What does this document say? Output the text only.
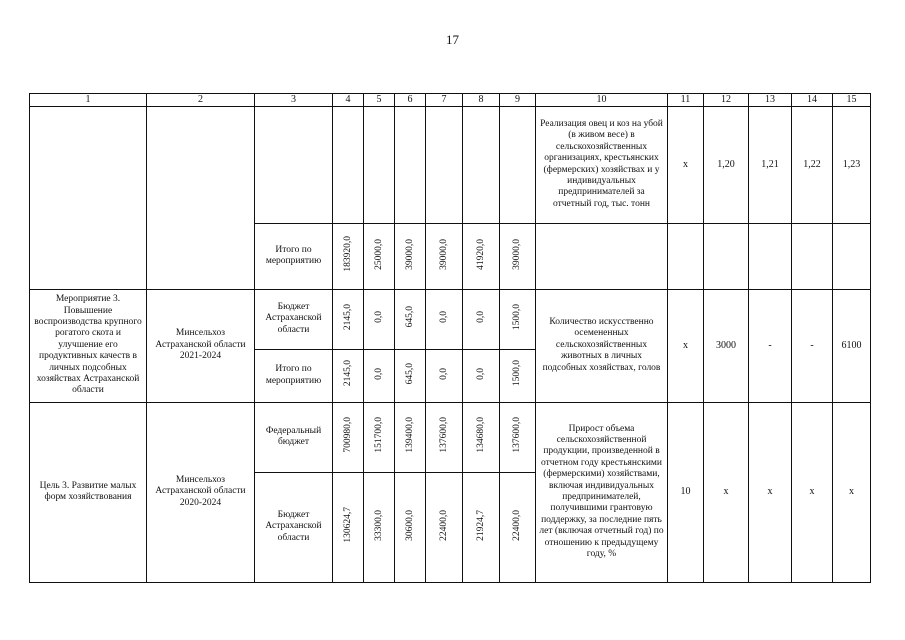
17
1	2	3	4	5	6	7	8	9	10	11	12	13	14	15
									Реализация овец и коз на убой (в живом весе) в сельскохозяйственных организациях, крестьянских (фермерских) хозяйствах и у индивидуальных предпринимателей за отчетный год, тыс. тонн	x	1,20	1,21	1,22	1,23
		Итого по мероприятию	183920,0	25000,0	39000,0	39000,0	41920,0	39000,0						
Мероприятие 3. Повышение воспроизводства крупного рогатого скота и улучшение его продуктивных качеств в личных подсобных хозяйствах Астраханской области	Минсельхоз Астраханской области 2021-2024	Бюджет Астраханской области	2145,0	0,0	645,0	0,0	0,0	1500,0	Количество искусственно осемененных сельскохозяйственных животных в личных подсобных хозяйствах, голов	x	3000	-	-	6100
		Итого по мероприятию	2145,0	0,0	645,0	0,0	0,0	1500,0						
Цель 3. Развитие малых форм хозяйствования	Минсельхоз Астраханской области 2020-2024	Федеральный бюджет	700980,0	151700,0	139400,0	137600,0	134680,0	137600,0	Прирост объема сельскохозяйственной продукции, произведенной в отчетном году крестьянскими (фермерскими) хозяйствами, включая индивидуальных предпринимателей, получившими грантовую поддержку, за последние пять лет (включая отчетный год) по отношению к предыдущему году, %	10	x	x	x	x
		Бюджет Астраханской области	130624,7	33300,0	30600,0	22400,0	21924,7	22400,0						
